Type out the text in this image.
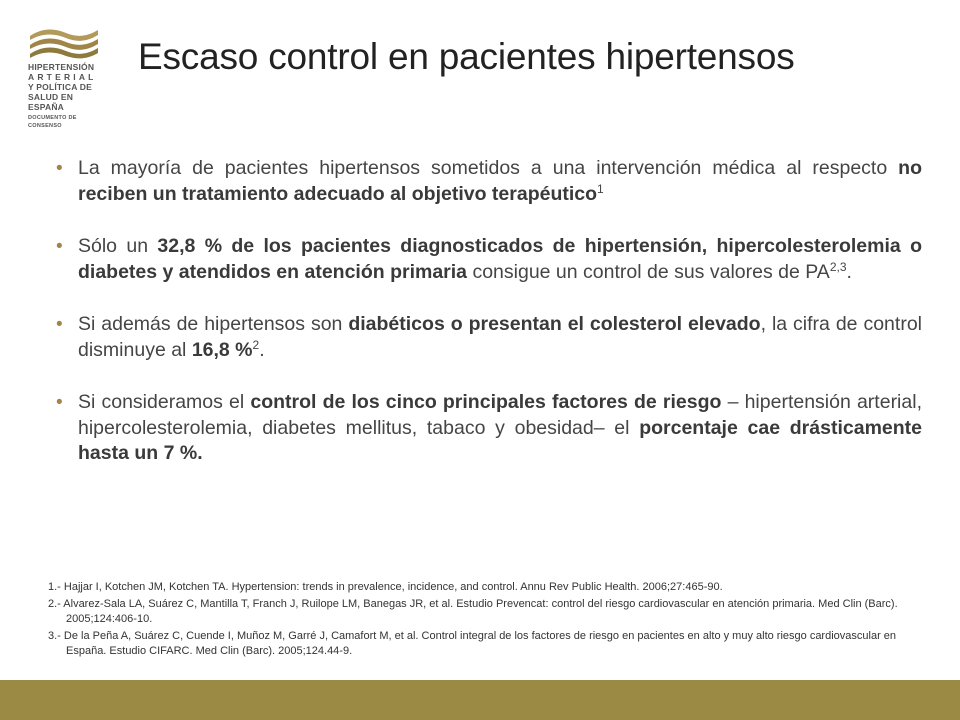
HIPERTENSIÓN
ARTERIAL
Y POLÍTICA DE
SALUD EN ESPAÑA
DOCUMENTO DE CONSENSO
Escaso control en pacientes hipertensos
• La mayoría de pacientes hipertensos sometidos a una intervención médica al respecto no reciben un tratamiento adecuado al objetivo terapéutico$^1$
• Sólo un 32,8 % de los pacientes diagnosticados de hipertensión, hipercolesterolemia o diabetes y atendidos en atención primaria consigue un control de sus valores de PA$^{2,3}$.
• Si además de hipertensos son diabéticos o presentan el colesterol elevado, la cifra de control disminuye al 16,8 %$^2$.
• Si consideramos el control de los cinco principales factores de riesgo – hipertensión arterial, hipercolesterolemia, diabetes mellitus, tabaco y obesidad– el porcentaje cae drásticamente hasta un 7 %.
1.- Hajjar I, Kotchen JM, Kotchen TA. Hypertension: trends in prevalence, incidence, and control. Annu Rev Public Health. 2006;27:465-90.
2.- Alvarez-Sala LA, Suárez C, Mantilla T, Franch J, Ruilope LM, Banegas JR, et al. Estudio Prevencat: control del riesgo cardiovascular en atención primaria. Med Clin (Barc). 2005;124:406-10.
3.- De la Peña A, Suárez C, Cuende I, Muñoz M, Garré J, Camafort M, et al. Control integral de los factores de riesgo en pacientes en alto y muy alto riesgo cardiovascular en España. Estudio CIFARC. Med Clin (Barc). 2005;124.44-9.
